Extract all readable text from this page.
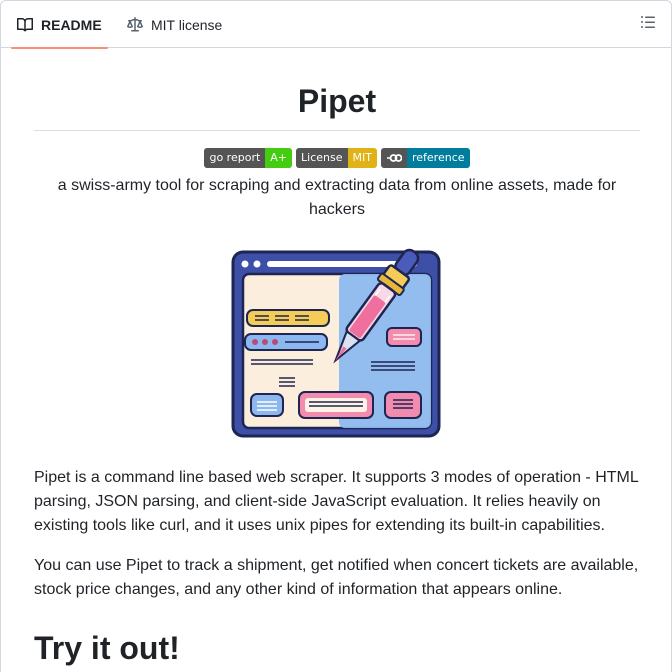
README	MIT license
Pipet
go report A+	License MIT	reference

a swiss-army tool for scraping and extracting data from online assets, made for hackers

Pipet is a command line based web scraper. It supports 3 modes of operation - HTML parsing, JSON parsing, and client-side JavaScript evaluation. It relies heavily on existing tools like curl, and it uses unix pipes for extending its built-in capabilities.

You can use Pipet to track a shipment, get notified when concert tickets are available, stock price changes, and any other kind of information that appears online.

Try it out!
